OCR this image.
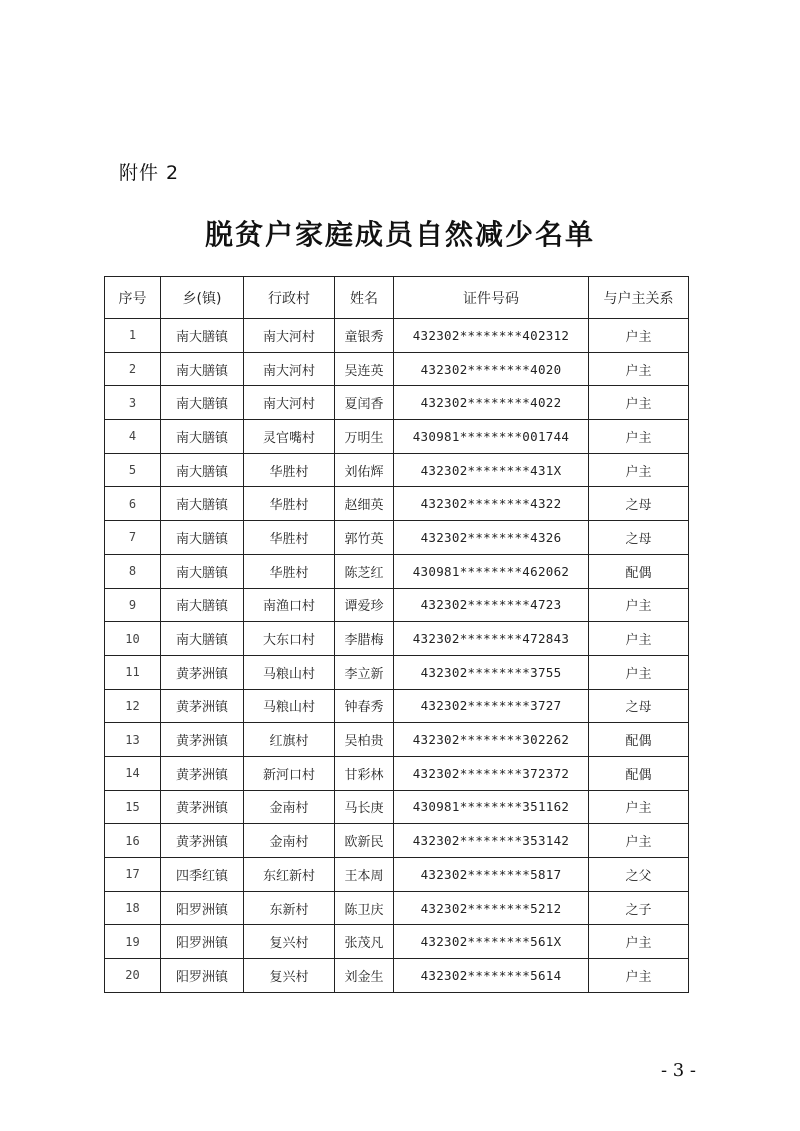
附件 2
脱贫户家庭成员自然减少名单
序号	乡(镇)	行政村	姓名	证件号码	与户主关系
1	南大膳镇	南大河村	童银秀	432302********402312	户主
2	南大膳镇	南大河村	吴连英	432302********4020	户主
3	南大膳镇	南大河村	夏闰香	432302********4022	户主
4	南大膳镇	灵官嘴村	万明生	430981********001744	户主
5	南大膳镇	华胜村	刘佑辉	432302********431X	户主
6	南大膳镇	华胜村	赵细英	432302********4322	之母
7	南大膳镇	华胜村	郭竹英	432302********4326	之母
8	南大膳镇	华胜村	陈芝红	430981********462062	配偶
9	南大膳镇	南渔口村	谭爱珍	432302********4723	户主
10	南大膳镇	大东口村	李腊梅	432302********472843	户主
11	黄茅洲镇	马粮山村	李立新	432302********3755	户主
12	黄茅洲镇	马粮山村	钟春秀	432302********3727	之母
13	黄茅洲镇	红旗村	吴柏贵	432302********302262	配偶
14	黄茅洲镇	新河口村	甘彩林	432302********372372	配偶
15	黄茅洲镇	金南村	马长庚	430981********351162	户主
16	黄茅洲镇	金南村	欧新民	432302********353142	户主
17	四季红镇	东红新村	王本周	432302********5817	之父
18	阳罗洲镇	东新村	陈卫庆	432302********5212	之子
19	阳罗洲镇	复兴村	张茂凡	432302********561X	户主
20	阳罗洲镇	复兴村	刘金生	432302********5614	户主
- 3 -
